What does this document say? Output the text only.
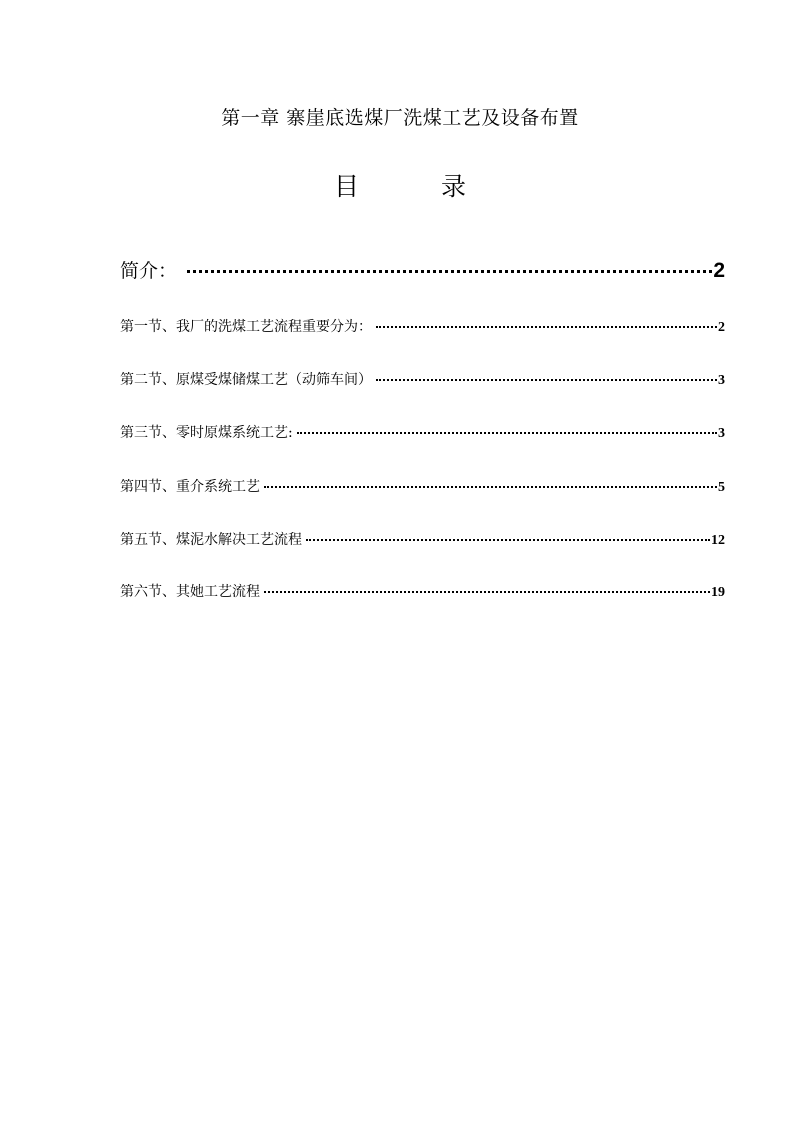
第一章 寨崖底选煤厂洗煤工艺及设备布置
目	录
简介：	2
第一节、我厂的洗煤工艺流程重要分为：	2
第二节、原煤受煤储煤工艺（动筛车间）	3
第三节、零时原煤系统工艺:	3
第四节、重介系统工艺	5
第五节、煤泥水解决工艺流程	12
第六节、其她工艺流程	19
